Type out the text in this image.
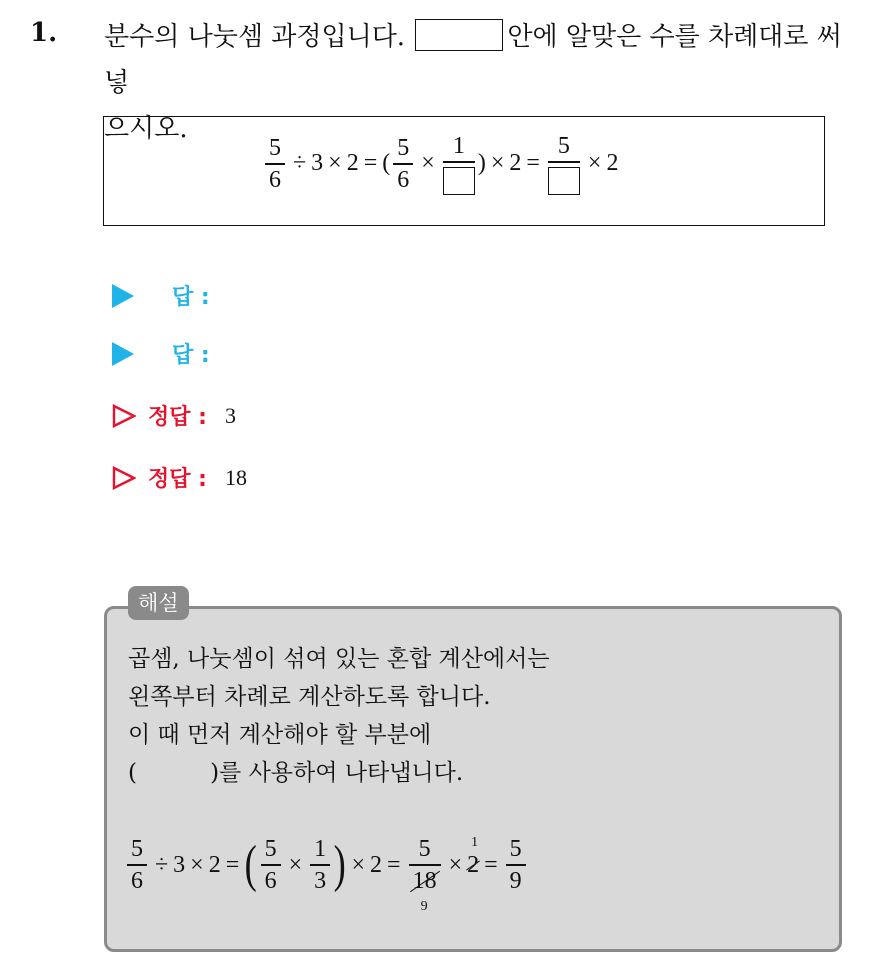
1. 분수의 나눗셈 과정입니다.	안에 알맞은 수를 차례대로 써넣
으시오.
$\frac{5}{6} \div 3 \times 2$ = ( $\frac{5}{6}$ ×
1
) × 2 =
5
× 2
답 :
답 :
정답 : 3
정답 : 18
해설
곱셈, 나눗셈이 섞여 있는 혼합 계산에서는
왼쪽부터 차례로 계산하도록 합니다.
이 때 먼저 계산해야 할 부분에
(          )를 사용하여 나타냅니다.
$\frac{5}{6} \div 3 \times 2$ = ( $\frac{5}{6} \times \frac{1}{3}$ ) × 2 =
5
18
9
×
1
$2 = \frac{5}{9}$
